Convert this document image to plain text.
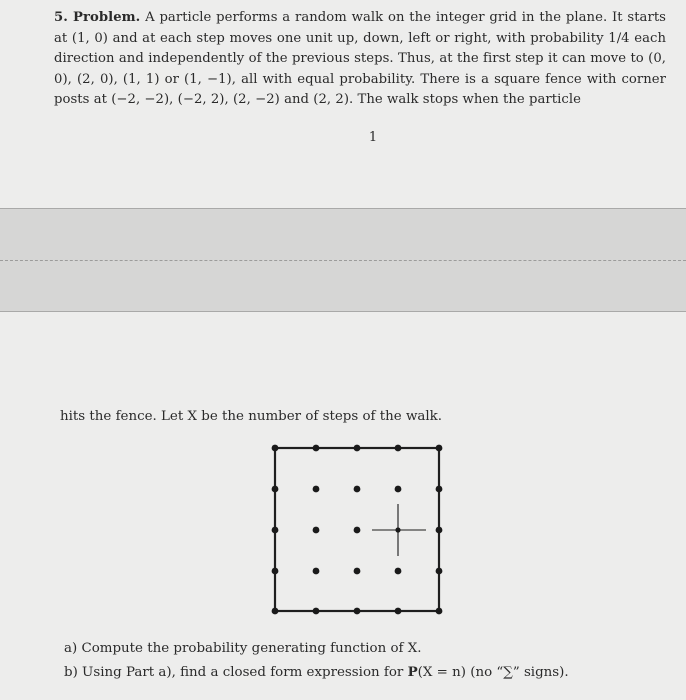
5. Problem. A particle performs a random walk on the integer grid in the plane. It starts at (1, 0) and at each step moves one unit up, down, left or right, with probability 1/4 each direction and independently of the previous steps. Thus, at the first step it can move to (0, 0), (2, 0), (1, 1) or (1, −1), all with equal probability. There is a square fence with corner posts at (−2, −2), (−2, 2), (2, −2) and (2, 2). The walk stops when the particle
1

hits the fence. Let X be the number of steps of the walk.

a) Compute the probability generating function of X.

b) Using Part a), find a closed form expression for P(X = n) (no “∑” signs).
